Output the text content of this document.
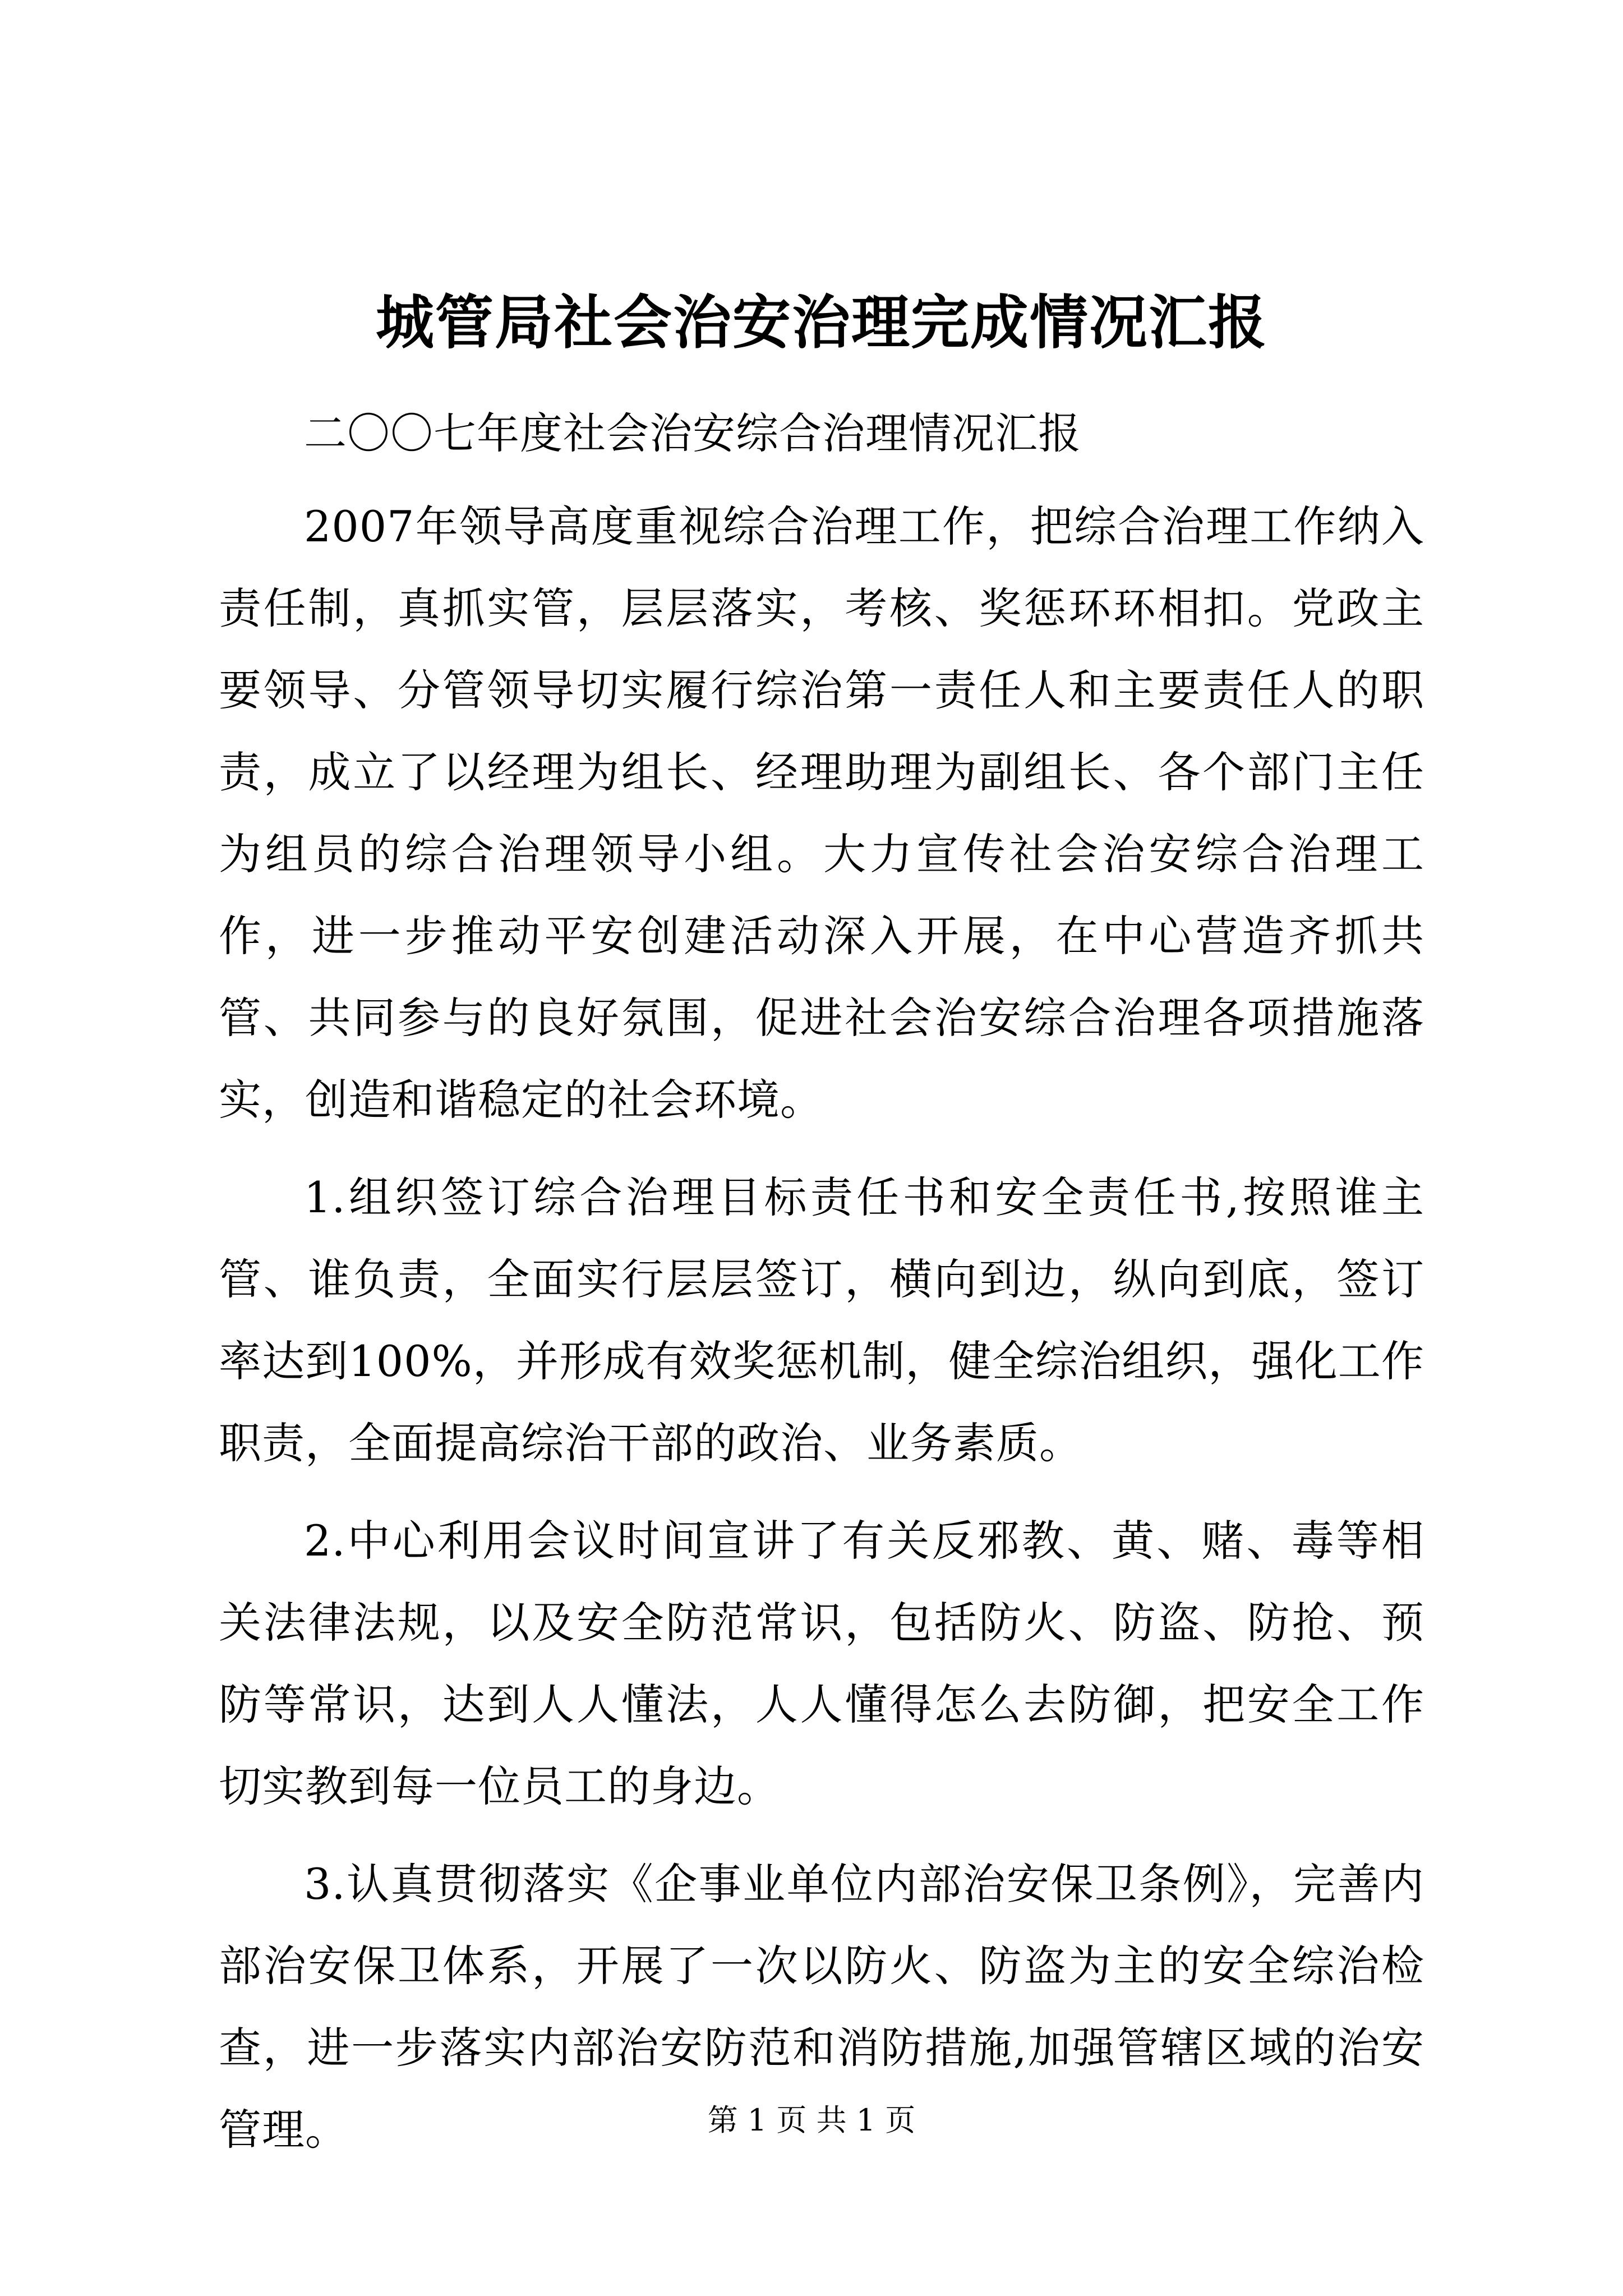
城管局社会治安治理完成情况汇报

二〇〇七年度社会治安综合治理情况汇报

2007年领导高度重视综合治理工作，把综合治理工作纳入责任制，真抓实管，层层落实，考核、奖惩环环相扣。党政主要领导、分管领导切实履行综治第一责任人和主要责任人的职责，成立了以经理为组长、经理助理为副组长、各个部门主任为组员的综合治理领导小组。大力宣传社会治安综合治理工作，进一步推动平安创建活动深入开展，在中心营造齐抓共管、共同参与的良好氛围，促进社会治安综合治理各项措施落实，创造和谐稳定的社会环境。

1.组织签订综合治理目标责任书和安全责任书,按照谁主管、谁负责，全面实行层层签订，横向到边，纵向到底，签订率达到100%，并形成有效奖惩机制，健全综治组织，强化工作职责，全面提高综治干部的政治、业务素质。

2.中心利用会议时间宣讲了有关反邪教、黄、赌、毒等相关法律法规，以及安全防范常识，包括防火、防盗、防抢、预防等常识，达到人人懂法，人人懂得怎么去防御，把安全工作切实教到每一位员工的身边。

3.认真贯彻落实《企事业单位内部治安保卫条例》，完善内部治安保卫体系，开展了一次以防火、防盗为主的安全综治检查，进一步落实内部治安防范和消防措施,加强管辖区域的治安管理。	第 1 页 共 1 页
